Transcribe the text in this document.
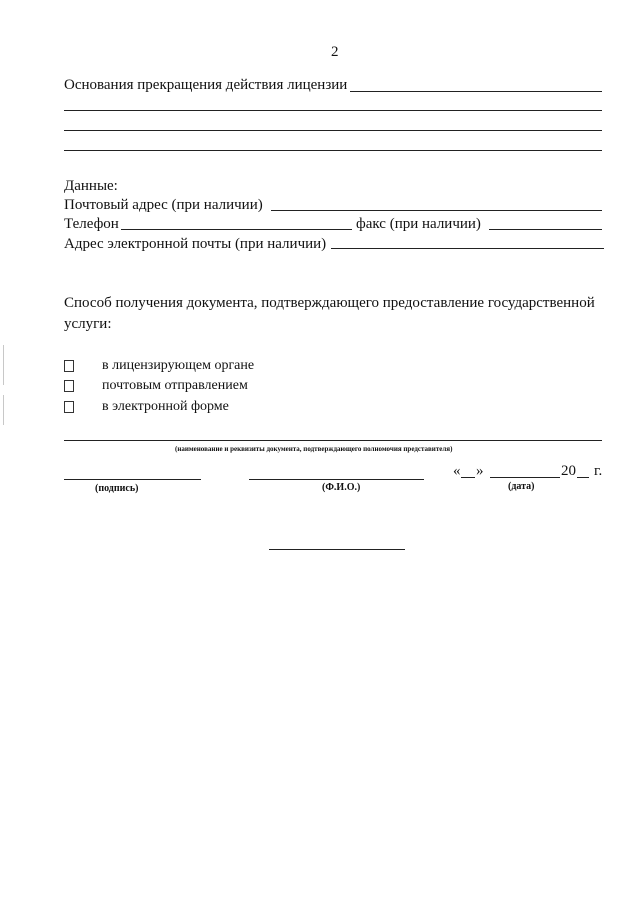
2
Основания прекращения действия лицензии
Данные:
Почтовый адрес (при наличии)
Телефон	факс (при наличии)
Адрес электронной почты (при наличии)
Способ получения документа, подтверждающего предоставление государственной
услуги:
в лицензирующем органе
почтовым отправлением
в электронной форме
(наименование и реквизиты документа, подтверждающего полномочия представителя)
(подпись)	(Ф.И.О.)
« »	20 г.
(дата)
